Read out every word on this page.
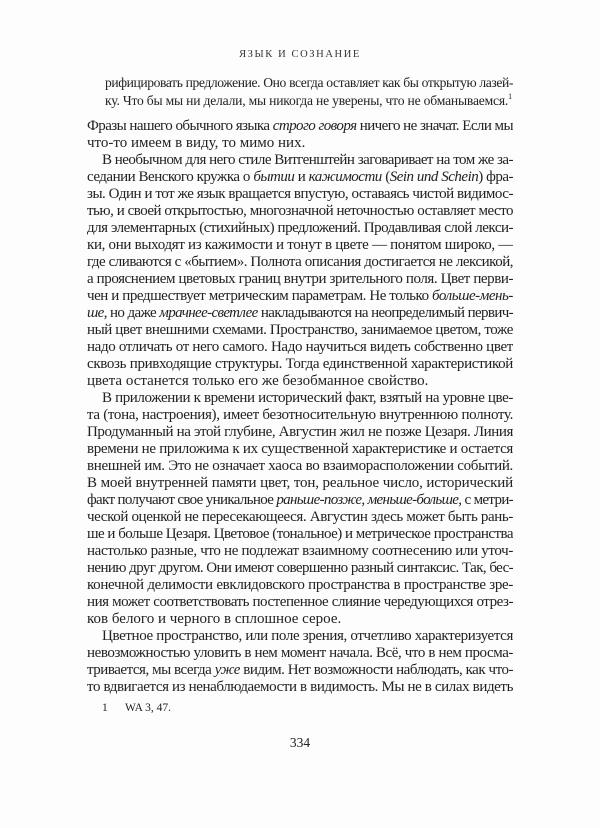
ЯЗЫК И СОЗНАНИЕ
рифицировать предложение. Оно всегда оставляет как бы открытую лазей-
ку. Что бы мы ни делали, мы никогда не уверены, что не обманываемся.$^1$
Фразы нашего обычного языка строго говоря ничего не значат. Если мы
что-то имеем в виду, то мимо них.
В необычном для него стиле Витгенштейн заговаривает на том же за-
седании Венского кружка о бытии и кажимости (Sein und Schein) фра-
зы. Один и тот же язык вращается впустую, оставаясь чистой видимос-
тью, и своей открытостью, многозначной неточностью оставляет место
для элементарных (стихийных) предложений. Продавливая слой лекси-
ки, они выходят из кажимости и тонут в цвете — понятом широко, —
где сливаются с «бытием». Полнота описания достигается не лексикой,
а прояснением цветовых границ внутри зрительного поля. Цвет перви-
чен и предшествует метрическим параметрам. Не только больше-мень-
ше, но даже мрачнее-светлее накладываются на неопределимый первич-
ный цвет внешними схемами. Пространство, занимаемое цветом, тоже
надо отличать от него самого. Надо научиться видеть собственно цвет
сквозь привходящие структуры. Тогда единственной характеристикой
цвета останется только его же безобманное свойство.
В приложении к времени исторический факт, взятый на уровне цве-
та (тона, настроения), имеет безотносительную внутреннюю полноту.
Продуманный на этой глубине, Августин жил не позже Цезаря. Линия
времени не приложима к их существенной характеристике и остается
внешней им. Это не означает хаоса во взаиморасположении событий.
В моей внутренней памяти цвет, тон, реальное число, исторический
факт получают свое уникальное раньше-позже, меньше-больше, с метри-
ческой оценкой не пересекающееся. Августин здесь может быть рань-
ше и больше Цезаря. Цветовое (тональное) и метрическое пространства
настолько разные, что не подлежат взаимному соотнесению или уточ-
нению друг другом. Они имеют совершенно разный синтаксис. Так, бес-
конечной делимости евклидовского пространства в пространстве зре-
ния может соответствовать постепенное слияние чередующихся отрез-
ков белого и черного в сплошное серое.
Цветное пространство, или поле зрения, отчетливо характеризуется
невозможностью уловить в нем момент начала. Всё, что в нем просма-
тривается, мы всегда уже видим. Нет возможности наблюдать, как что-
то вдвигается из ненаблюдаемости в видимость. Мы не в силах видеть
1 WA 3, 47.
334
